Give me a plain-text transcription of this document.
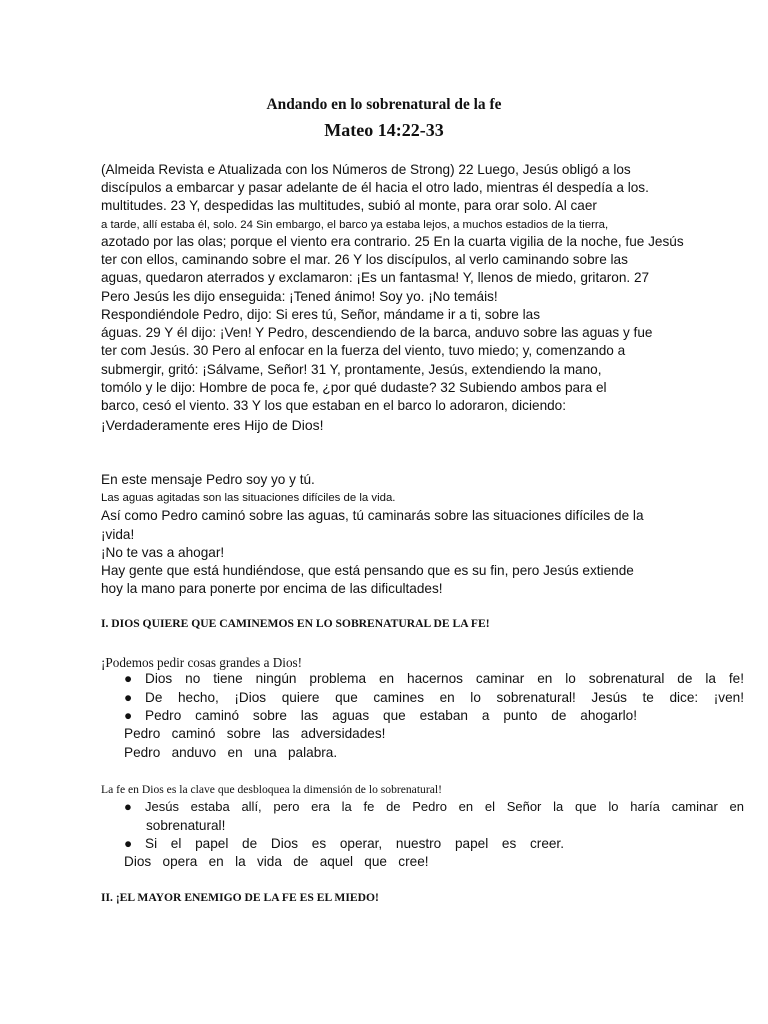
Andando en lo sobrenatural de la fe
Mateo 14:22-33
(Almeida Revista e Atualizada con los Números de Strong) 22 Luego, Jesús obligó a los
discípulos a embarcar y pasar adelante de él hacia el otro lado, mientras él despedía a los.
multitudes. 23 Y, despedidas las multitudes, subió al monte, para orar solo. Al caer
a tarde, allí estaba él, solo. 24 Sin embargo, el barco ya estaba lejos, a muchos estadios de la tierra,
azotado por las olas; porque el viento era contrario. 25 En la cuarta vigilia de la noche, fue Jesús
ter con ellos, caminando sobre el mar. 26 Y los discípulos, al verlo caminando sobre las
aguas, quedaron aterrados y exclamaron: ¡Es un fantasma! Y, llenos de miedo, gritaron. 27
Pero Jesús les dijo enseguida: ¡Tened ánimo! Soy yo. ¡No temáis!
Respondiéndole Pedro, dijo: Si eres tú, Señor, mándame ir a ti, sobre las
águas. 29 Y él dijo: ¡Ven! Y Pedro, descendiendo de la barca, anduvo sobre las aguas y fue
ter com Jesús. 30 Pero al enfocar en la fuerza del viento, tuvo miedo; y, comenzando a
submergir, gritó: ¡Sálvame, Señor! 31 Y, prontamente, Jesús, extendiendo la mano,
tomólo y le dijo: Hombre de poca fe, ¿por qué dudaste? 32 Subiendo ambos para el
barco, cesó el viento. 33 Y los que estaban en el barco lo adoraron, diciendo:
¡Verdaderamente eres Hijo de Dios!
En este mensaje Pedro soy yo y tú.
Las aguas agitadas son las situaciones difíciles de la vida.
Así como Pedro caminó sobre las aguas, tú caminarás sobre las situaciones difíciles de la
¡vida!
¡No te vas a ahogar!
Hay gente que está hundiéndose, que está pensando que es su fin, pero Jesús extiende
hoy la mano para ponerte por encima de las dificultades!
I. DIOS QUIERE QUE CAMINEMOS EN LO SOBRENATURAL DE LA FE!
¡Podemos pedir cosas grandes a Dios!
● Dios no tiene ningún problema en hacernos caminar en lo sobrenatural de la fe!
● De hecho, ¡Dios quiere que camines en lo sobrenatural! Jesús te dice: ¡ven!
● Pedro caminó sobre las aguas que estaban a punto de ahogarlo!
Pedro   caminó   sobre   las   adversidades!
Pedro   anduvo   en   una   palabra.
La fe en Dios es la clave que desbloquea la dimensión de lo sobrenatural!
● Jesús estaba allí, pero era la fe de Pedro en el Señor la que lo haría caminar en
sobrenatural!
● Si el papel de Dios es operar, nuestro papel es creer.
Dios   opera   en   la   vida   de   aquel   que   cree!
II. ¡EL MAYOR ENEMIGO DE LA FE ES EL MIEDO!
